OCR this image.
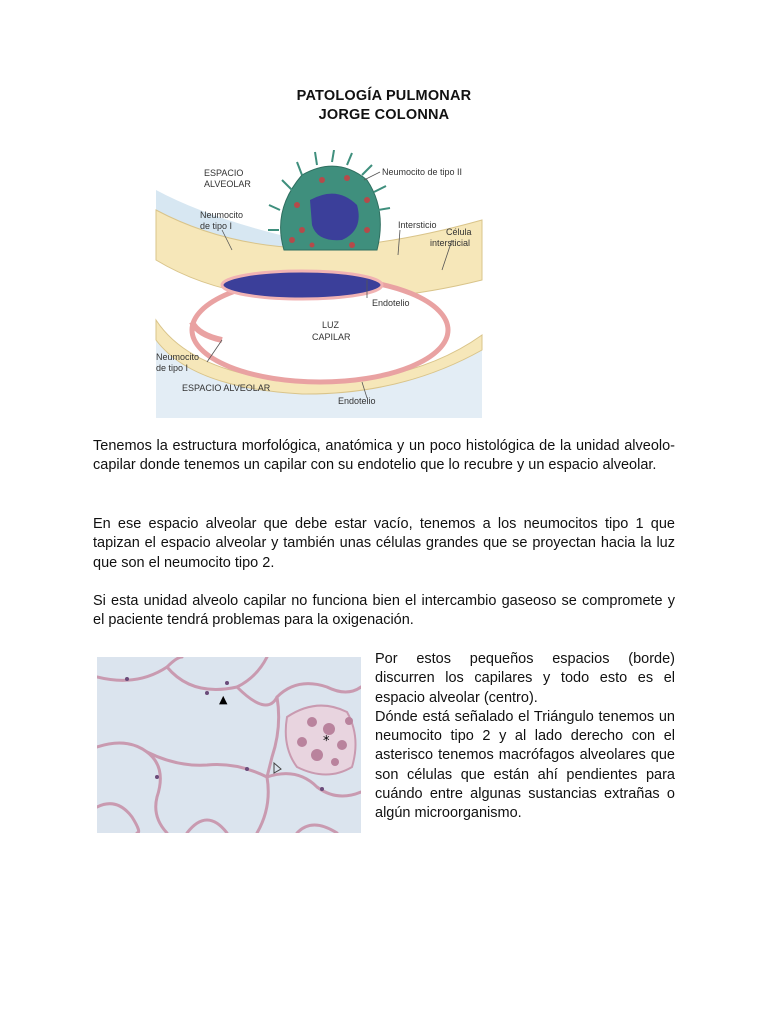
PATOLOGÍA PULMONAR
JORGE COLONNA
ESPACIO
ALVEOLAR
Neumocito de tipo II
Neumocito
de tipo I	Intersticio
Célula
intersticial
Endotelio
LUZ
CAPILAR
Neumocito
de tipo I
ESPACIO ALVEOLAR
Endotelio

Tenemos la estructura morfológica, anatómica y un poco histológica de la unidad alveolo-capilar donde tenemos un capilar con su endotelio que lo recubre y un espacio alveolar.

En ese espacio alveolar que debe estar vacío, tenemos a los neumocitos tipo 1 que tapizan el espacio alveolar y también unas células grandes que se proyectan hacia la luz que son el neumocito tipo 2.

Si esta unidad alveolo capilar no funciona bien el intercambio gaseoso se compromete y el paciente tendrá problemas para la oxigenación.

▲
*

Por estos pequeños espacios (borde) discurren los capilares y todo esto es el espacio alveolar (centro).

Dónde está señalado el Triángulo tenemos un neumocito tipo 2 y al lado derecho con el asterisco tenemos macrófagos alveolares que son células que están ahí pendientes para cuándo entre algunas sustancias extrañas o algún microorganismo.
